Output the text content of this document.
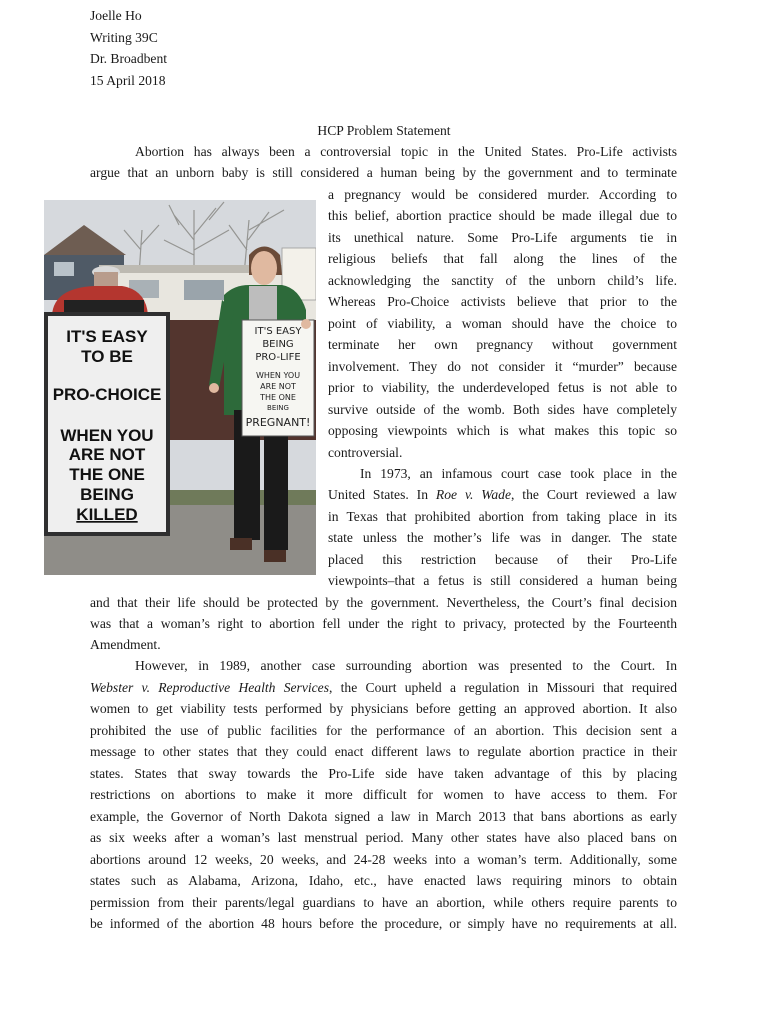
Joelle Ho
Writing 39C
Dr. Broadbent
15 April 2018
HCP Problem Statement
Abortion has always been a controversial topic in the United States. Pro-Life activists
argue that an unborn baby is still considered a human being by the government and to terminate
a pregnancy would be considered murder. According to
this belief, abortion practice should be made illegal due to
its unethical nature. Some Pro-Life arguments tie in
religious beliefs that fall along the lines of the
acknowledging the sanctity of the unborn child’s life.
Whereas Pro-Choice activists believe that prior to the
point of viability, a woman should have the choice to
terminate her own pregnancy without government
involvement. They do not consider it “murder” because
prior to viability, the underdeveloped fetus is not able to
survive outside of the womb. Both sides have completely
opposing viewpoints which is what makes this topic so
controversial.
In 1973, an infamous court case took place in the
United States. In Roe v. Wade, the Court reviewed a law
in Texas that prohibited abortion from taking place in its
state unless the mother’s life was in danger. The state
placed this restriction because of their Pro-Life
viewpoints–that a fetus is still considered a human being
and that their life should be protected by the government. Nevertheless, the Court’s final decision
was that a woman’s right to abortion fell under the right to privacy, protected by the Fourteenth
Amendment.
However, in 1989, another case surrounding abortion was presented to the Court. In
Webster v. Reproductive Health Services, the Court upheld a regulation in Missouri that required
women to get viability tests performed by physicians before getting an approved abortion. It also
prohibited the use of public facilities for the performance of an abortion. This decision sent a
message to other states that they could enact different laws to regulate abortion practice in their
states. States that sway towards the Pro-Life side have taken advantage of this by placing
restrictions on abortions to make it more difficult for women to have access to them. For
example, the Governor of North Dakota signed a law in March 2013 that bans abortions as early
as six weeks after a woman’s last menstrual period. Many other states have also placed bans on
abortions around 12 weeks, 20 weeks, and 24-28 weeks into a woman’s term. Additionally, some
states such as Alabama, Arizona, Idaho, etc., have enacted laws requiring minors to obtain
permission from their parents/legal guardians to have an abortion, while others require parents to
be informed of the abortion 48 hours before the procedure, or simply have no requirements at all.
IT'S EASY
TO BE
PRO-CHOICE
WHEN YOU
ARE NOT
THE ONE
BEING
KILLED
IT'S EASY
BEING
PRO-LIFE
WHEN YOU
ARE NOT
THE ONE
BEING
PREGNANT!
